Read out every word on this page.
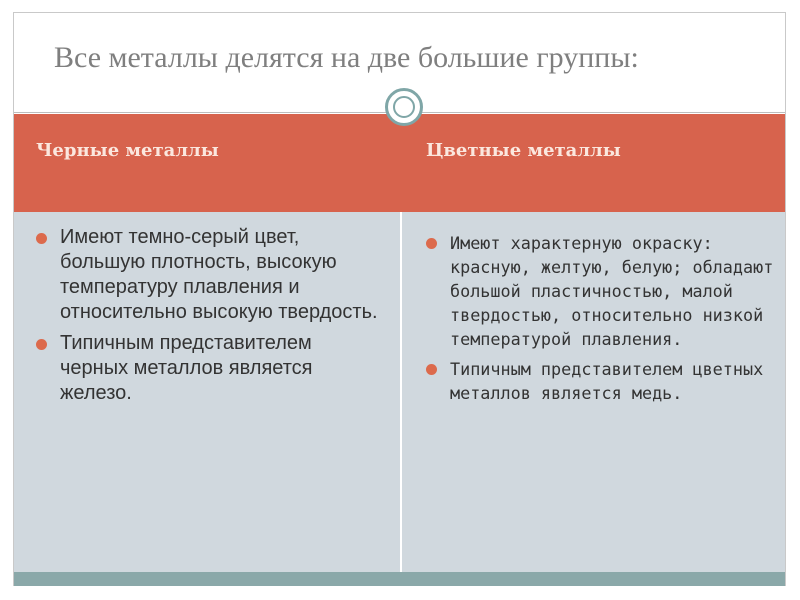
Все металлы делятся на две большие группы:
Черные металлы	Цветные металлы
Имеют темно-серый цвет, большую плотность, высокую температуру плавления и относительно высокую твердость.
Типичным представителем черных металлов является железо.
Имеют характерную окраску: красную, желтую, белую; обладают большой пластичностью, малой твердостью, относительно низкой температурой плавления.
Типичным представителем цветных металлов является медь.
